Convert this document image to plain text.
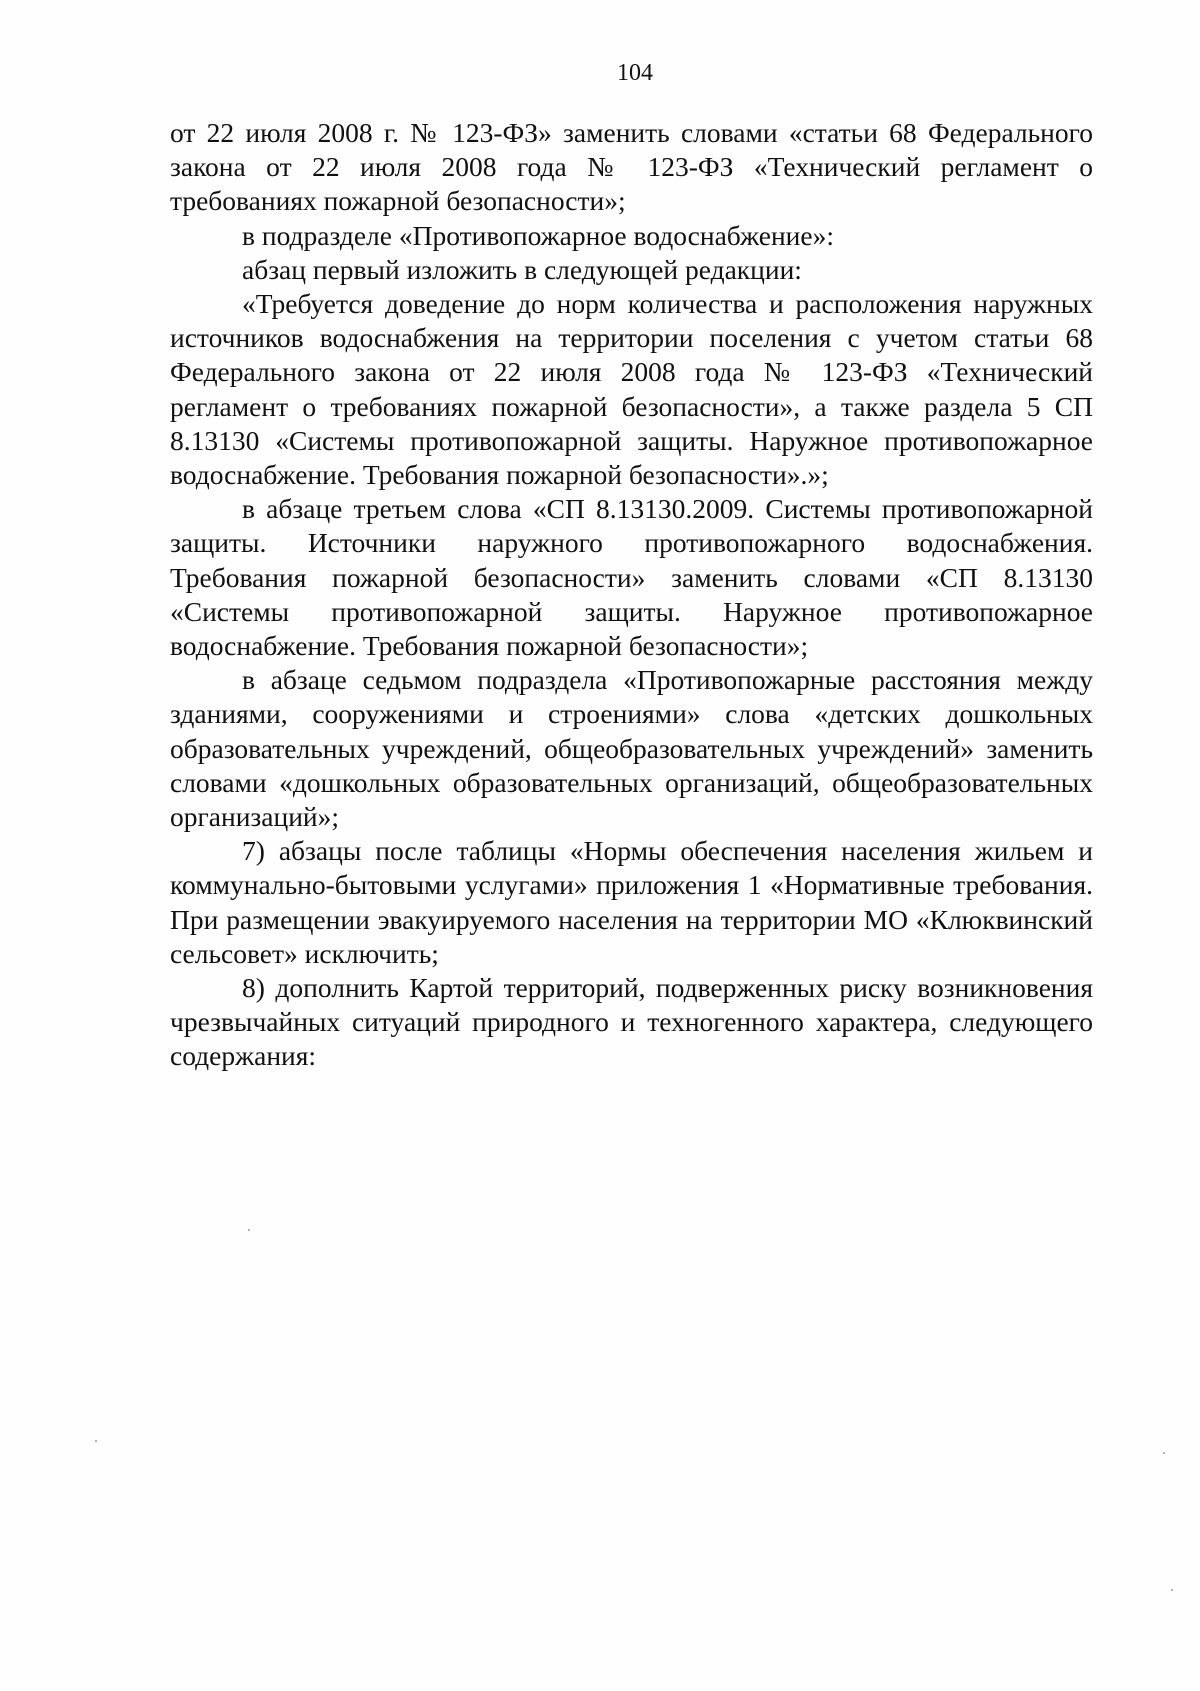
104

от 22 июля 2008 г. № 123-ФЗ» заменить словами «статьи 68 Федерального закона от 22 июля 2008 года № 123-ФЗ «Технический регламент о требованиях пожарной безопасности»;

в подразделе «Противопожарное водоснабжение»:

абзац первый изложить в следующей редакции:

«Требуется доведение до норм количества и расположения наружных источников водоснабжения на территории поселения с учетом статьи 68 Федерального закона от 22 июля 2008 года № 123-ФЗ «Технический регламент о требованиях пожарной безопасности», а также раздела 5 СП 8.13130 «Системы противопожарной защиты. Наружное противопожарное водоснабжение. Требования пожарной безопасности».»;

в абзаце третьем слова «СП 8.13130.2009. Системы противопожарной защиты. Источники наружного противопожарного водоснабжения. Требования пожарной безопасности» заменить словами «СП 8.13130 «Системы противопожарной защиты. Наружное противопожарное водоснабжение. Требования пожарной безопасности»;

в абзаце седьмом подраздела «Противопожарные расстояния между зданиями, сооружениями и строениями» слова «детских дошкольных образовательных учреждений, общеобразовательных учреждений» заменить словами «дошкольных образовательных организаций, общеобразовательных организаций»;

7) абзацы после таблицы «Нормы обеспечения населения жильем и коммунально-бытовыми услугами» приложения 1 «Нормативные требования. При размещении эвакуируемого населения на территории МО «Клюквинский сельсовет» исключить;

8) дополнить Картой территорий, подверженных риску возникновения чрезвычайных ситуаций природного и техногенного характера, следующего содержания:
